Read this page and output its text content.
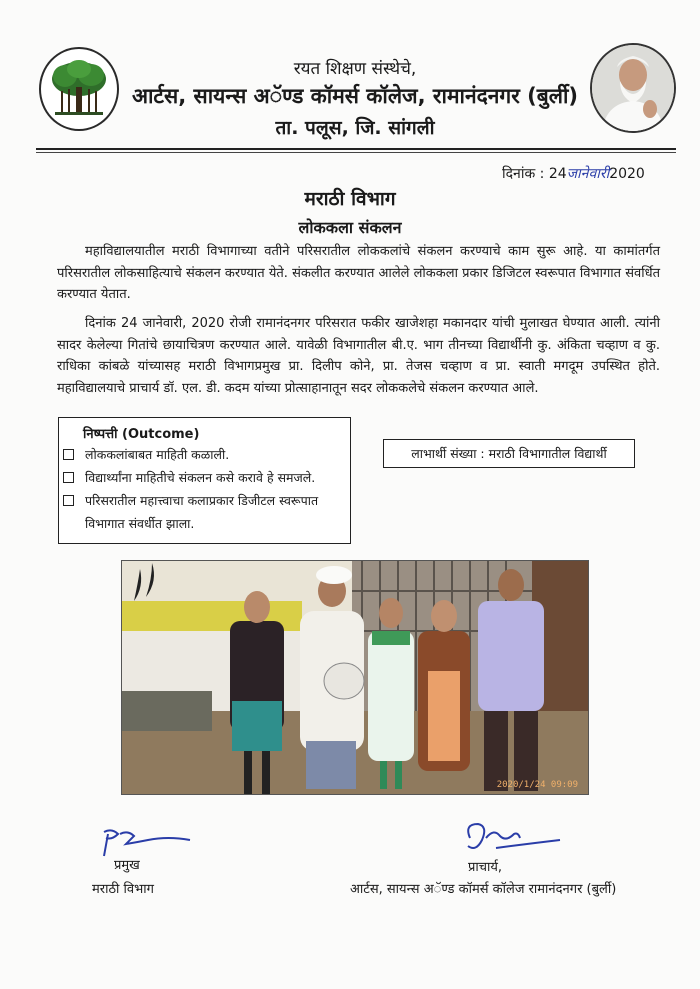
रयत शिक्षण संस्थेचे,
आर्टस, सायन्स अॅण्ड कॉमर्स कॉलेज, रामानंदनगर (बुर्ली)
ता. पलूस, जि. सांगली
दिनांक : 24जानेवारी2020
मराठी विभाग
लोककला संकलन

महाविद्यालयातील मराठी विभागाच्या वतीने परिसरातील लोककलांचे संकलन करण्याचे काम सुरू आहे. या कामांतर्गत परिसरातील लोकसाहित्याचे संकलन करण्यात येते. संकलीत करण्यात आलेले लोककला प्रकार डिजिटल स्वरूपात विभागात संवर्धित करण्यात येतात.

दिनांक 24 जानेवारी, 2020 रोजी रामानंदनगर परिसरात फकीर खाजेशहा मकानदार यांची मुलाखत घेण्यात आली. त्यांनी सादर केलेल्या गितांचे छायाचित्रण करण्यात आले. यावेळी विभागातील बी.ए. भाग तीनच्या विद्यार्थीनी कु. अंकिता चव्हाण व कु. राधिका कांबळे यांच्यासह मराठी विभागप्रमुख प्रा. दिलीप कोने, प्रा. तेजस चव्हाण व प्रा. स्वाती मगदूम उपस्थित होते. महाविद्यालयाचे प्राचार्य डॉ. एल. डी. कदम यांच्या प्रोत्साहानातून सदर लोककलेचे संकलन करण्यात आले.

निष्पत्ती (Outcome)
लोककलांबाबत माहिती कळाली.
विद्यार्थ्यांना माहितीचे संकलन कसे करावे हे समजले.
परिसरातील महात्त्वाचा कलाप्रकार डिजीटल स्वरूपात विभागात संवर्धीत झाला.
लाभार्थी संख्या : मराठी विभागातील विद्यार्थी
2020/1/24 09:09
प्रमुख
मराठी विभाग
प्राचार्य,
आर्टस, सायन्स अॅण्ड कॉमर्स कॉलेज रामानंदनगर (बुर्ली)
